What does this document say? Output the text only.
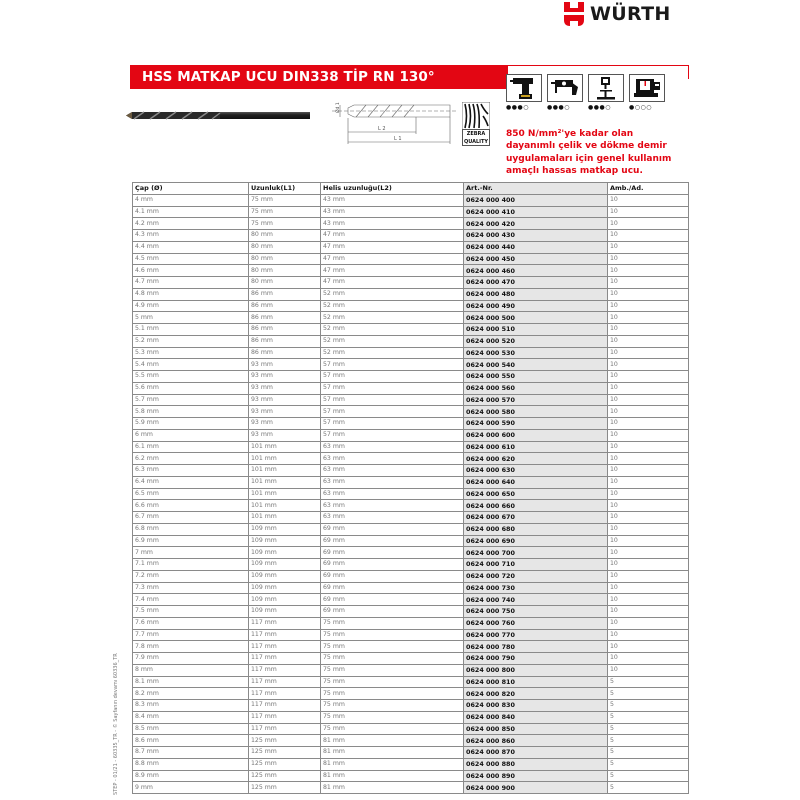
WÜRTH
HSS MATKAP UCU DIN338 TİP RN 130°
Ød 1
L 2
L 1
ZEBRA
QUALITY
●●●○	●●●○	●●●○	●○○○
850 N/mm²'ye kadar olan
dayanımlı çelik ve dökme demir
uygulamaları için genel kullanım
amaçlı hassas matkap ucu.
Çap (Ø)	Uzunluk(L1)	Helis uzunluğu(L2)	Art.-Nr.	Amb./Ad.
4 mm	75 mm	43 mm	0624 000 400	10
4.1 mm	75 mm	43 mm	0624 000 410	10
4.2 mm	75 mm	43 mm	0624 000 420	10
4.3 mm	80 mm	47 mm	0624 000 430	10
4.4 mm	80 mm	47 mm	0624 000 440	10
4.5 mm	80 mm	47 mm	0624 000 450	10
4.6 mm	80 mm	47 mm	0624 000 460	10
4.7 mm	80 mm	47 mm	0624 000 470	10
4.8 mm	86 mm	52 mm	0624 000 480	10
4.9 mm	86 mm	52 mm	0624 000 490	10
5 mm	86 mm	52 mm	0624 000 500	10
5.1 mm	86 mm	52 mm	0624 000 510	10
5.2 mm	86 mm	52 mm	0624 000 520	10
5.3 mm	86 mm	52 mm	0624 000 530	10
5.4 mm	93 mm	57 mm	0624 000 540	10
5.5 mm	93 mm	57 mm	0624 000 550	10
5.6 mm	93 mm	57 mm	0624 000 560	10
5.7 mm	93 mm	57 mm	0624 000 570	10
5.8 mm	93 mm	57 mm	0624 000 580	10
5.9 mm	93 mm	57 mm	0624 000 590	10
6 mm	93 mm	57 mm	0624 000 600	10
6.1 mm	101 mm	63 mm	0624 000 610	10
6.2 mm	101 mm	63 mm	0624 000 620	10
6.3 mm	101 mm	63 mm	0624 000 630	10
6.4 mm	101 mm	63 mm	0624 000 640	10
6.5 mm	101 mm	63 mm	0624 000 650	10
6.6 mm	101 mm	63 mm	0624 000 660	10
6.7 mm	101 mm	63 mm	0624 000 670	10
6.8 mm	109 mm	69 mm	0624 000 680	10
6.9 mm	109 mm	69 mm	0624 000 690	10
7 mm	109 mm	69 mm	0624 000 700	10
7.1 mm	109 mm	69 mm	0624 000 710	10
7.2 mm	109 mm	69 mm	0624 000 720	10
7.3 mm	109 mm	69 mm	0624 000 730	10
7.4 mm	109 mm	69 mm	0624 000 740	10
7.5 mm	109 mm	69 mm	0624 000 750	10
7.6 mm	117 mm	75 mm	0624 000 760	10
7.7 mm	117 mm	75 mm	0624 000 770	10
7.8 mm	117 mm	75 mm	0624 000 780	10
7.9 mm	117 mm	75 mm	0624 000 790	10
8 mm	117 mm	75 mm	0624 000 800	10
8.1 mm	117 mm	75 mm	0624 000 810	5
8.2 mm	117 mm	75 mm	0624 000 820	5
8.3 mm	117 mm	75 mm	0624 000 830	5
8.4 mm	117 mm	75 mm	0624 000 840	5
8.5 mm	117 mm	75 mm	0624 000 850	5
8.6 mm	125 mm	81 mm	0624 000 860	5
8.7 mm	125 mm	81 mm	0624 000 870	5
8.8 mm	125 mm	81 mm	0624 000 880	5
8.9 mm	125 mm	81 mm	0624 000 890	5
9 mm	125 mm	81 mm	0624 000 900	5
STEP - 01/21 - 60335_TR - © Sayfanın devamı 60336_TR
